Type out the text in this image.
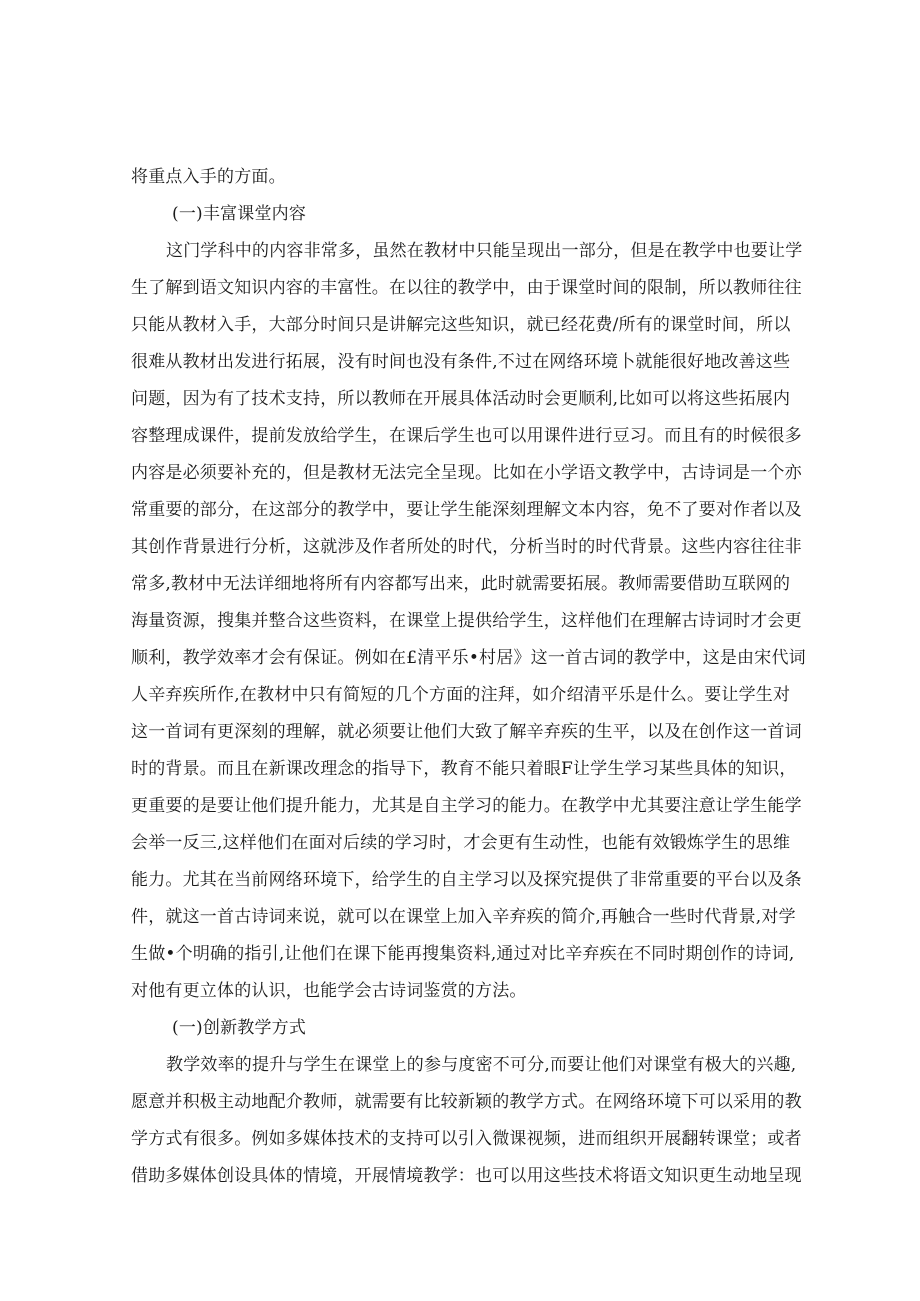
将重点入手的方面。
(一)丰富课堂内容
这门学科中的内容非常多，虽然在教材中只能呈现出一部分，但是在教学中也要让学
生了解到语文知识内容的丰富性。在以往的教学中，由于课堂时间的限制，所以教师往往
只能从教材入手，大部分时间只是讲解完这些知识，就已经花费/所有的课堂时间，所以
很难从教材出发进行拓展，没有时间也没有条件,不过在网络环境卜就能很好地改善这些
问题，因为有了技术支持，所以教师在开展具体活动时会更顺利,比如可以将这些拓展内
容整理成课件，提前发放给学生，在课后学生也可以用课件进行豆习。而且有的时候很多
内容是必须要补充的，但是教材无法完全呈现。比如在小学语文教学中，古诗词是一个亦
常重要的部分，在这部分的教学中，要让学生能深刻理解文本内容，免不了要对作者以及
其创作背景进行分析，这就涉及作者所处的时代，分析当时的时代背景。这些内容往往非
常多,教材中无法详细地将所有内容都写出来，此时就需要拓展。教师需要借助互联网的
海量资源，搜集并整合这些资料，在课堂上提供给学生，这样他们在理解古诗词时才会更
顺利，教学效率才会有保证。例如在£清平乐•村居》这一首古词的教学中，这是由宋代词
人辛弃疾所作,在教材中只有简短的几个方面的注拜，如介绍清平乐是什么。要让学生对
这一首词有更深刻的理解，就必须要让他们大致了解辛弃疾的生平，以及在创作这一首词
时的背景。而且在新课改理念的指导下，教育不能只着眼F让学生学习某些具体的知识，
更重要的是要让他们提升能力，尤其是自主学习的能力。在教学中尤其要注意让学生能学
会举一反三,这样他们在面对后续的学习时，才会更有生动性，也能有效锻炼学生的思维
能力。尤其在当前网络环境下，给学生的自主学习以及探究提供了非常重要的平台以及条
件，就这一首古诗词来说，就可以在课堂上加入辛弃疾的简介,再触合一些时代背景,对学
生做•个明确的指引,让他们在课下能再搜集资料,通过对比辛弃疾在不同时期创作的诗词,
对他有更立体的认识，也能学会古诗词鉴赏的方法。
(一)创新教学方式
教学效率的提升与学生在课堂上的参与度密不可分,而要让他们对课堂有极大的兴趣,
愿意并积极主动地配介教师，就需要有比较新颖的教学方式。在网络环境下可以采用的教
学方式有很多。例如多媒体技术的支持可以引入微课视频，进而组织开展翻转课堂；或者
借助多媒体创设具体的情境，开展情境教学：也可以用这些技术将语文知识更生动地呈现
